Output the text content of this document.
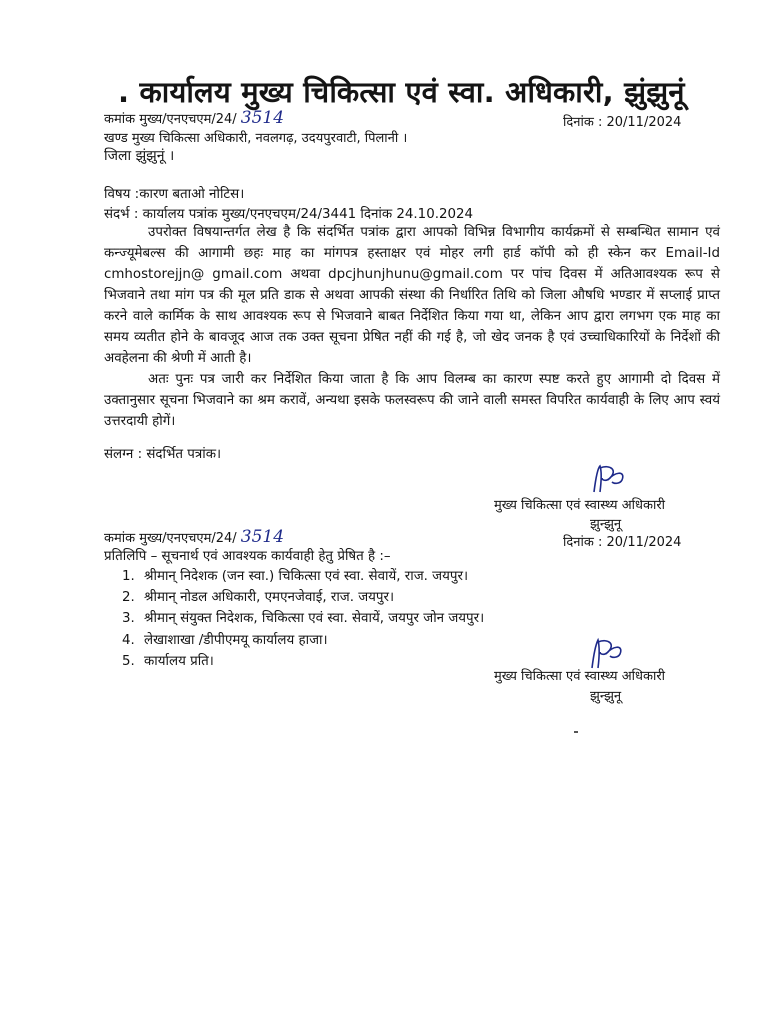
. कार्यालय मुख्य चिकित्सा एवं स्वा. अधिकारी, झुंझुनूं
कमांक मुख्य/एनएचएम/24/ 3514	दिनांक : 20/11/2024
खण्ड मुख्य चिकित्सा अधिकारी, नवलगढ़, उदयपुरवाटी, पिलानी ।
जिला झुंझुनूं ।
विषय :कारण बताओ नोटिस।
संदर्भ : कार्यालय पत्रांक मुख्य/एनएचएम/24/3441 दिनांक 24.10.2024

उपरोक्त विषयान्तर्गत लेख है कि संदर्भित पत्रांक द्वारा आपको विभिन्न विभागीय कार्यक्रमों से सम्बन्धित सामान एवं कन्ज्यूमेबल्स की आगामी छहः माह का मांगपत्र हस्ताक्षर एवं मोहर लगी हार्ड कॉपी को ही स्केन कर Email-Id cmhostorejjn@ gmail.com अथवा dpcjhunjhunu@gmail.com पर पांच दिवस में अतिआवश्यक रूप से भिजवाने तथा मांग पत्र की मूल प्रति डाक से अथवा आपकी संस्था की निर्धारित तिथि को जिला औषधि भण्डार में सप्लाई प्राप्त करने वाले कार्मिक के साथ आवश्यक रूप से भिजवाने बाबत निर्देशित किया गया था, लेकिन आप द्वारा लगभग एक माह का समय व्यतीत होने के बावजूद आज तक उक्त सूचना प्रेषित नहीं की गई है, जो खेद जनक है एवं उच्चाधिकारियों के निर्देशों की अवहेलना की श्रेणी में आती है।

अतः पुनः पत्र जारी कर निर्देशित किया जाता है कि आप विलम्ब का कारण स्पष्ट करते हुए आगामी दो दिवस में उक्तानुसार सूचना भिजवाने का श्रम करावें, अन्यथा इसके फलस्वरूप की जाने वाली समस्त विपरित कार्यवाही के लिए आप स्वयं उत्तरदायी होगें।

संलग्न : संदर्भित पत्रांक।
मुख्य चिकित्सा एवं स्वास्थ्य अधिकारी
झुन्झुनू
कमांक मुख्य/एनएचएम/24/ 3514	दिनांक : 20/11/2024
प्रतिलिपि – सूचनार्थ एवं आवश्यक कार्यवाही हेतु प्रेषित है :–
1. श्रीमान् निदेशक (जन स्वा.) चिकित्सा एवं स्वा. सेवायें, राज. जयपुर।
2. श्रीमान् नोडल अधिकारी, एमएनजेवाई, राज. जयपुर।
3. श्रीमान् संयुक्त निदेशक, चिकित्सा एवं स्वा. सेवायें, जयपुर जोन जयपुर।
4. लेखाशाखा /डीपीएमयू कार्यालय हाजा।
5. कार्यालय प्रति।
मुख्य चिकित्सा एवं स्वास्थ्य अधिकारी
झुन्झुनू
